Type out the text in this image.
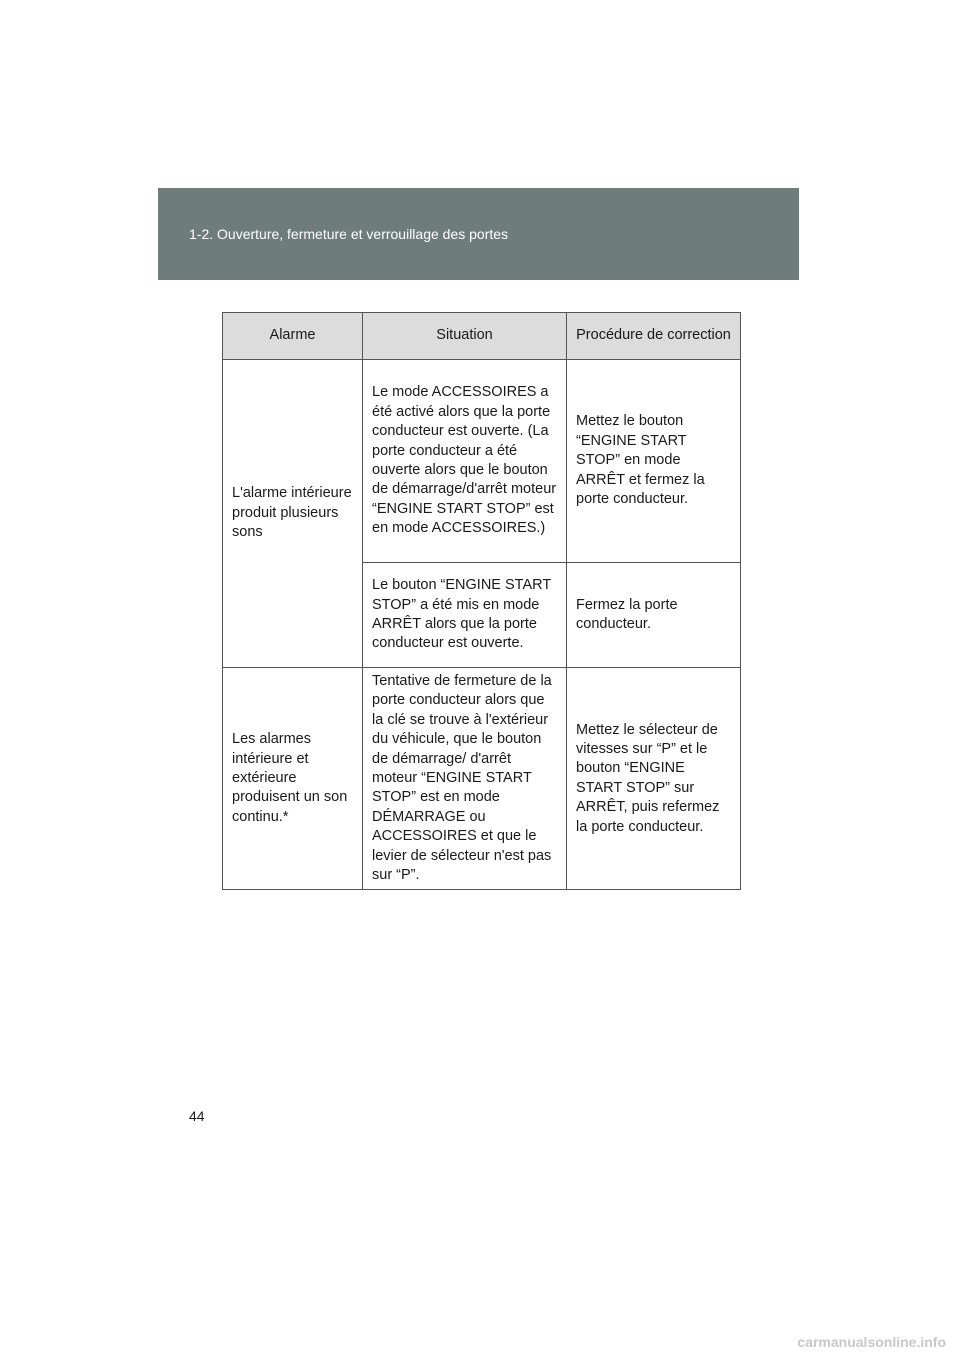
1-2. Ouverture, fermeture et verrouillage des portes
Alarme	Situation	Procédure de correction
L'alarme intérieure produit plusieurs sons	Le mode ACCESSOIRES a été activé alors que la porte conducteur est ouverte. (La porte conducteur a été ouverte alors que le bouton de démarrage/d'arrêt moteur “ENGINE START STOP” est en mode ACCESSOIRES.)	Mettez le bouton “ENGINE START STOP” en mode ARRÊT et fermez la porte conducteur.
	Le bouton “ENGINE START STOP” a été mis en mode ARRÊT alors que la porte conducteur est ouverte.	Fermez la porte conducteur.
Les alarmes intérieure et extérieure produisent un son continu.*	Tentative de fermeture de la porte conducteur alors que la clé se trouve à l'extérieur du véhicule, que le bouton de démarrage/ d'arrêt moteur “ENGINE START STOP” est en mode DÉMARRAGE ou ACCESSOIRES et que le levier de sélecteur n'est pas sur “P”.	Mettez le sélecteur de vitesses sur “P” et le bouton “ENGINE START STOP” sur ARRÊT, puis refermez la porte conducteur.
44
carmanualsonline.info
